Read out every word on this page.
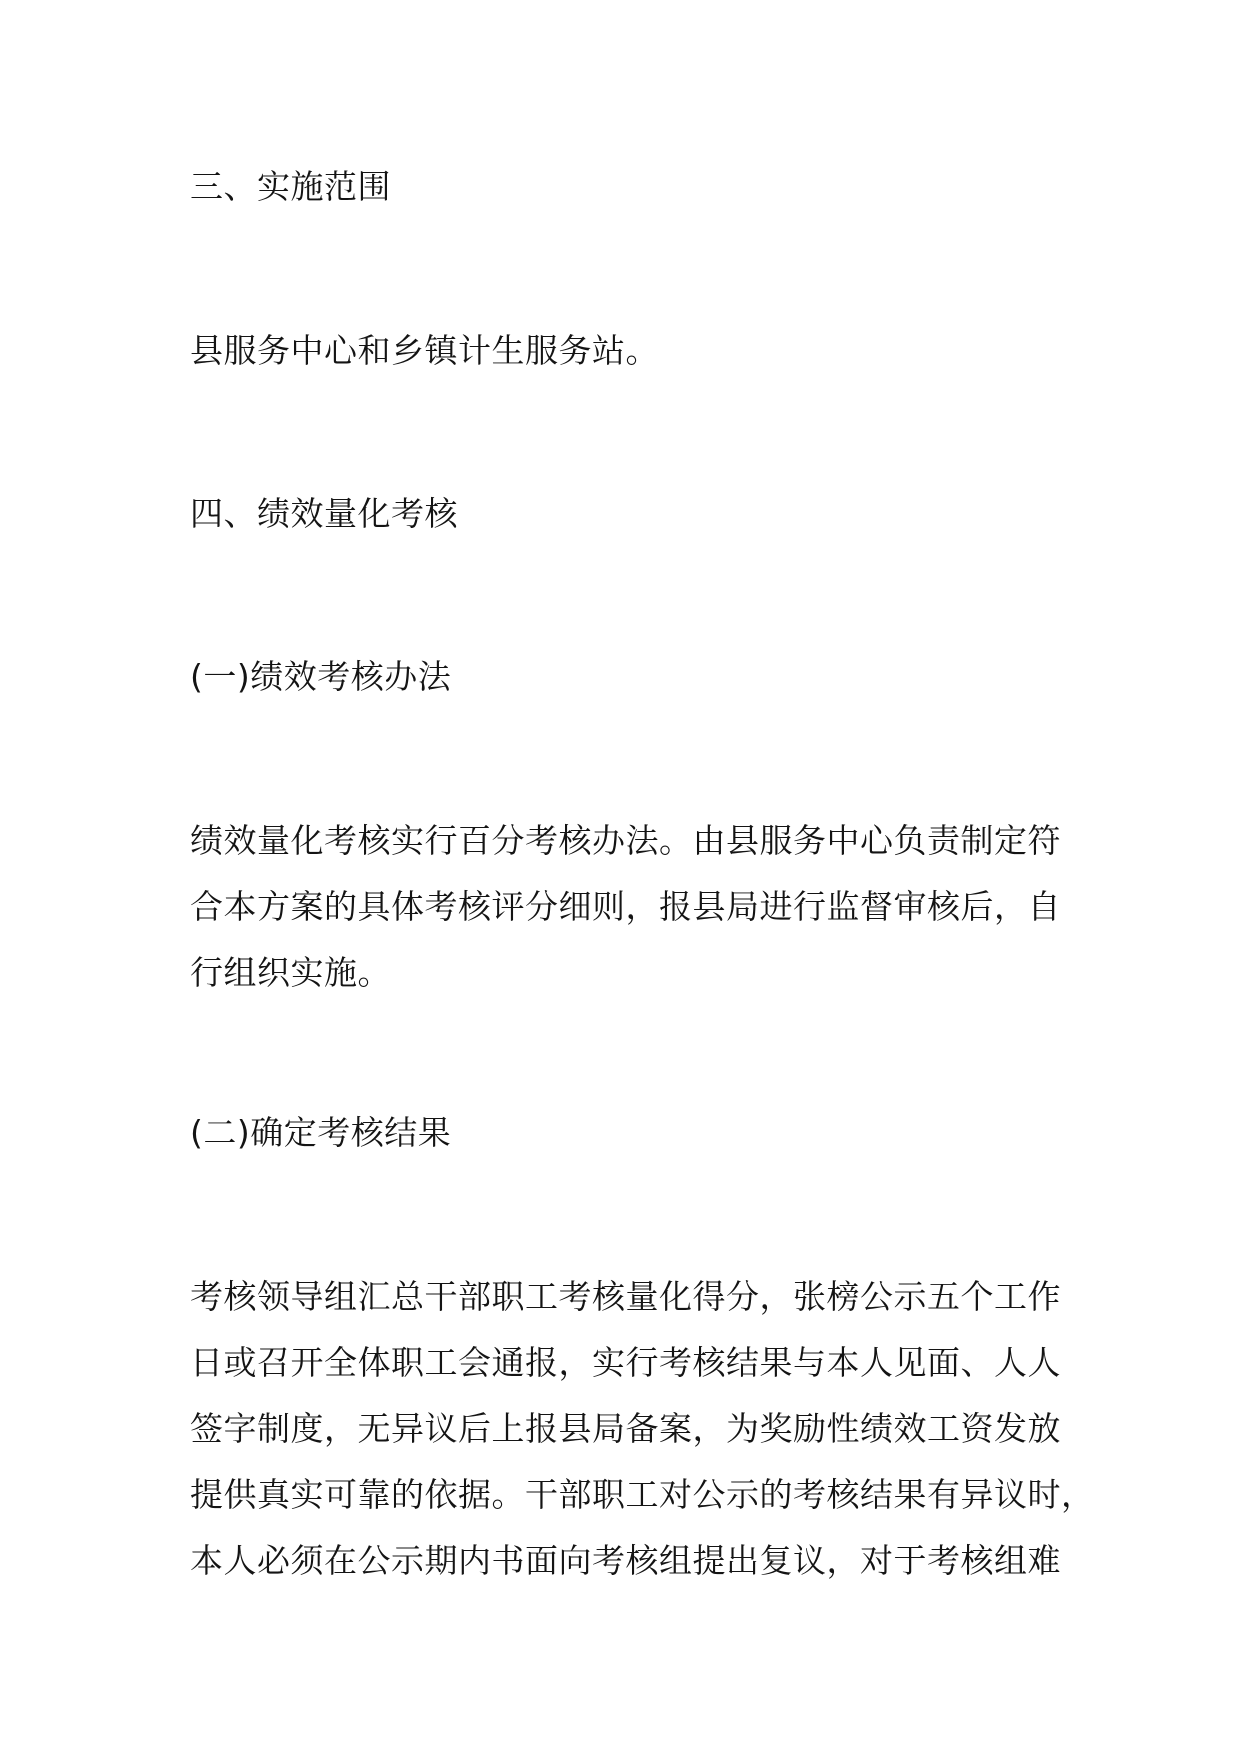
三、实施范围
县服务中心和乡镇计生服务站。
四、绩效量化考核
(一)绩效考核办法
绩效量化考核实行百分考核办法。由县服务中心负责制定符
合本方案的具体考核评分细则，报县局进行监督审核后，自
行组织实施。
(二)确定考核结果
考核领导组汇总干部职工考核量化得分，张榜公示五个工作
日或召开全体职工会通报，实行考核结果与本人见面、人人
签字制度，无异议后上报县局备案，为奖励性绩效工资发放
提供真实可靠的依据。干部职工对公示的考核结果有异议时，
本人必须在公示期内书面向考核组提出复议，对于考核组难
